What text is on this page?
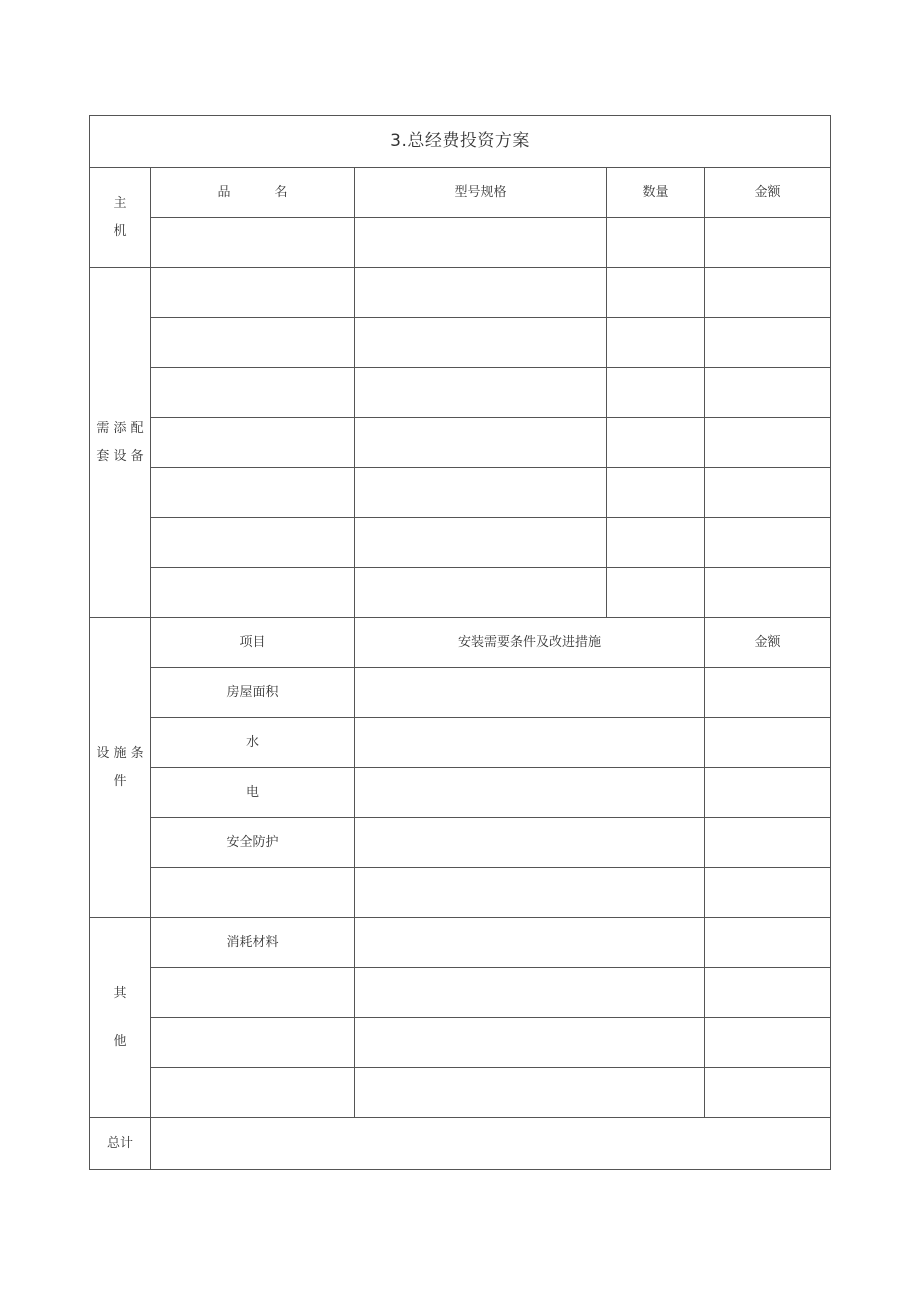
3.总经费投资方案				

主
机	品 名	型号规格	数量	金额

需 添 配
套 设 备				

设 施 条
件	项目	安装需要条件及改进措施		金额
	房屋面积			
	水			
	电			
	安全防护			

其
他	消耗材料			

总计				
